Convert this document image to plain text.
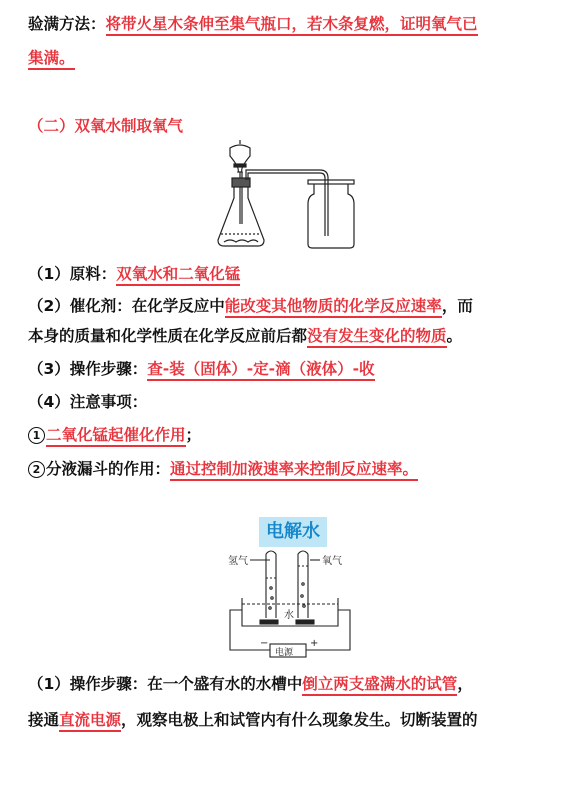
验满方法：将带火星木条伸至集气瓶口，若木条复燃，证明氧气已
集满。
（二）双氧水制取氧气
（1）原料：双氧水和二氧化锰
（2）催化剂：在化学反应中能改变其他物质的化学反应速率，而
本身的质量和化学性质在化学反应前后都没有发生变化的物质。
（3）操作步骤：查-装（固体）-定-滴（液体）-收
（4）注意事项：
1 二氧化锰起催化作用；
2 分液漏斗的作用：通过控制加液速率来控制反应速率。
电解水
氢气	氧气
水
电源
−	+
（1）操作步骤：在一个盛有水的水槽中倒立两支盛满水的试管，
接通直流电源，观察电极上和试管内有什么现象发生。切断装置的
